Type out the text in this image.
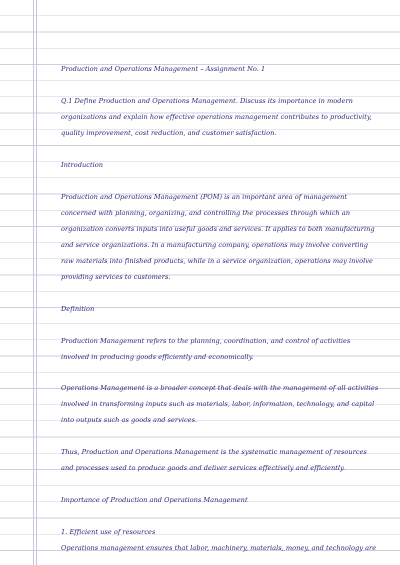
Production and Operations Management – Assignment No. 1
Q.1 Define Production and Operations Management. Discuss its importance in modern
organizations and explain how effective operations management contributes to productivity,
quality improvement, cost reduction, and customer satisfaction.
Introduction
Production and Operations Management (POM) is an important area of management
concerned with planning, organizing, and controlling the processes through which an
organization converts inputs into useful goods and services. It applies to both manufacturing
and service organizations. In a manufacturing company, operations may involve converting
raw materials into finished products, while in a service organization, operations may involve
providing services to customers.
Definition
Production Management refers to the planning, coordination, and control of activities
involved in producing goods efficiently and economically.
Operations Management is a broader concept that deals with the management of all activities
involved in transforming inputs such as materials, labor, information, technology, and capital
into outputs such as goods and services.
Thus, Production and Operations Management is the systematic management of resources
and processes used to produce goods and deliver services effectively and efficiently.
Importance of Production and Operations Management
1. Efficient use of resources
Operations management ensures that labor, machinery, materials, money, and technology are
